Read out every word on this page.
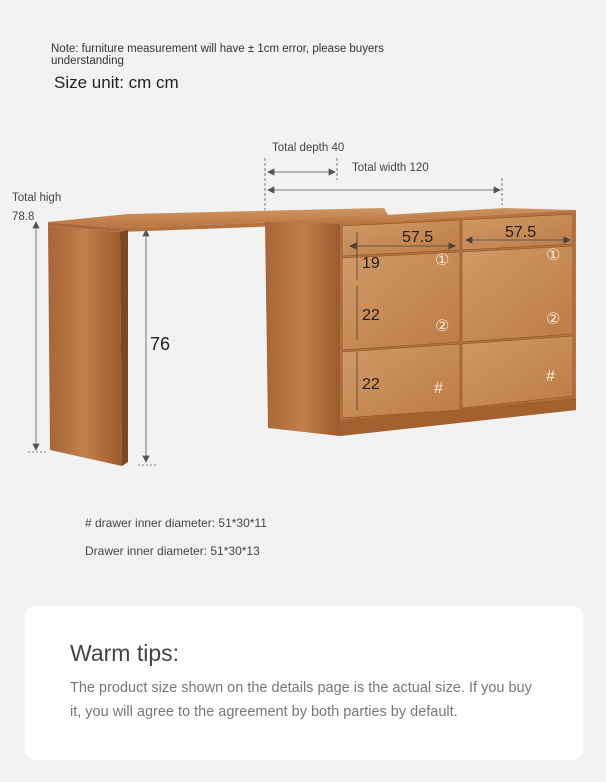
Note: furniture measurement will have ± 1cm error, please buyers understanding
Size unit: cm cm
Total depth 40
Total width 120
Total high
78.8
76
57.5	57.5
19
22
22
①	①
②	②
#
#
# drawer inner diameter: 51*30*11
Drawer inner diameter: 51*30*13
Warm tips:
The product size shown on the details page is the actual size. If you buy it, you will agree to the agreement by both parties by default.
